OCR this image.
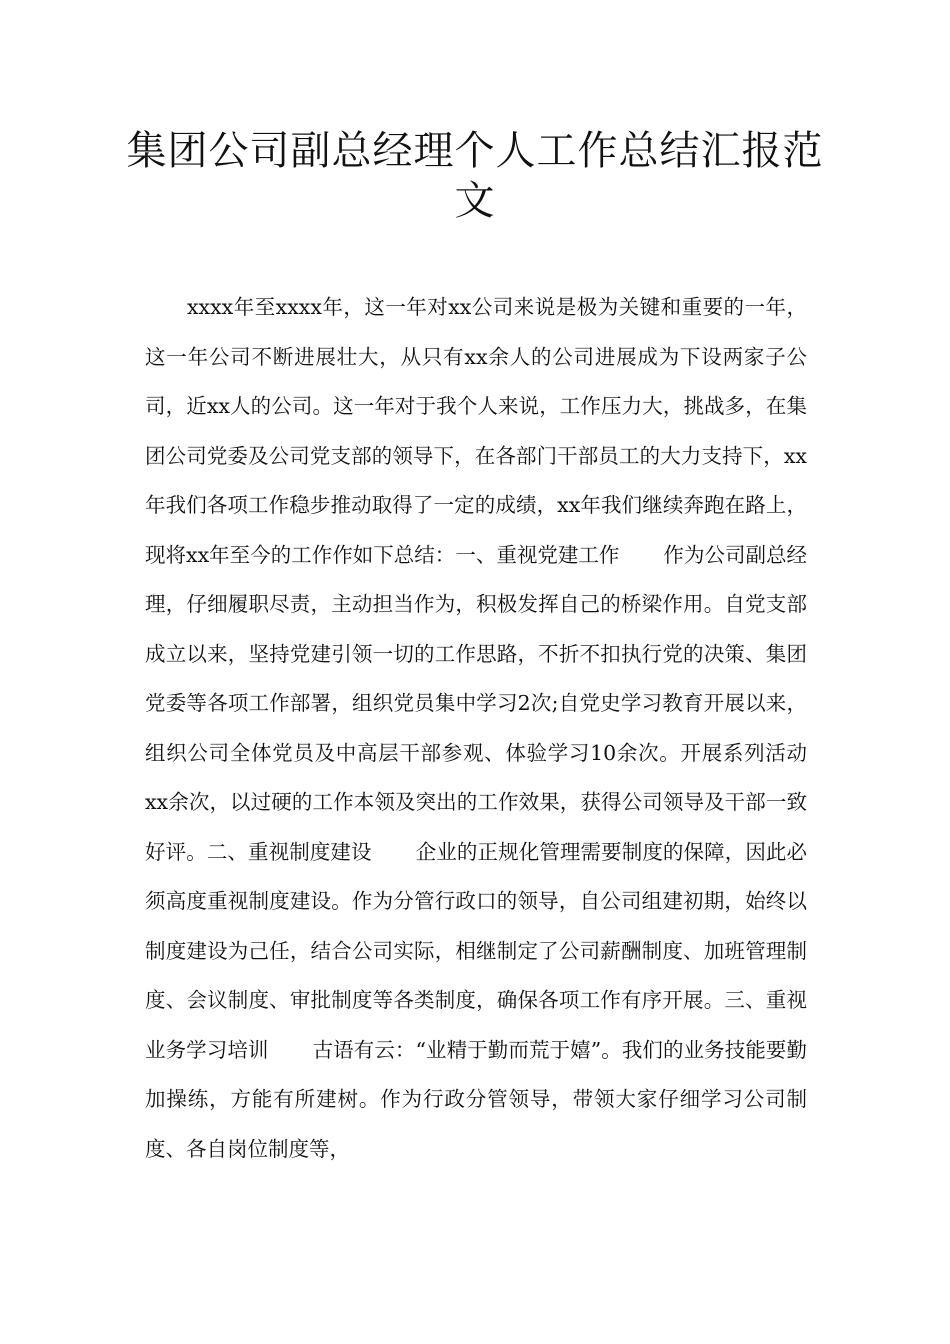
集团公司副总经理个人工作总结汇报范文

xxxx年至xxxx年，这一年对xx公司来说是极为关键和重要的一年，这一年公司不断进展壮大，从只有xx余人的公司进展成为下设两家子公司，近xx人的公司。这一年对于我个人来说，工作压力大，挑战多，在集团公司党委及公司党支部的领导下，在各部门干部员工的大力支持下，xx年我们各项工作稳步推动取得了一定的成绩，xx年我们继续奔跑在路上，现将xx年至今的工作作如下总结：一、重视党建工作 作为公司副总经理，仔细履职尽责，主动担当作为，积极发挥自己的桥梁作用。自党支部成立以来，坚持党建引领一切的工作思路，不折不扣执行党的决策、集团党委等各项工作部署，组织党员集中学习2次;自党史学习教育开展以来，组织公司全体党员及中高层干部参观、体验学习10余次。开展系列活动xx余次，以过硬的工作本领及突出的工作效果，获得公司领导及干部一致好评。二、重视制度建设 企业的正规化管理需要制度的保障，因此必须高度重视制度建设。作为分管行政口的领导，自公司组建初期，始终以制度建设为己任，结合公司实际，相继制定了公司薪酬制度、加班管理制度、会议制度、审批制度等各类制度，确保各项工作有序开展。三、重视业务学习培训 古语有云：“业精于勤而荒于嬉”。我们的业务技能要勤加操练，方能有所建树。作为行政分管领导，带领大家仔细学习公司制度、各自岗位制度等，
